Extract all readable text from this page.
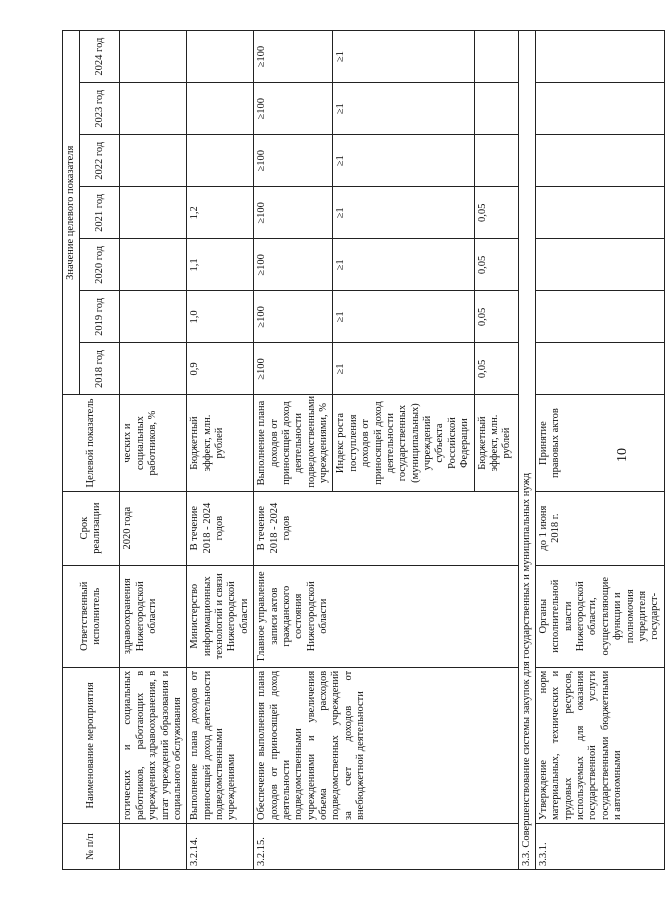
10
№ п/п	Наименование мероприятия	Ответственный исполнитель	Срок реализации	Целевой показатель	Значение целевого показателя						
					2018 год	2019 год	2020 год	2021 год	2022 год	2023 год	2024 год
	гогических и социальных работников, работающих в учреждениях здравоохранения, в штат учреждений образования и социального обслуживания	здравоохранения Нижегородской области	2020 года	ческих и социальных работников, %							
3.2.14.	Выполнение плана доходов от приносящей доход деятельности подведомственными учреждениями	Министерство информационных технологий и связи Нижегородской области	В течение 2018 - 2024 годов	Бюджетный эффект, млн. рублей	0,9	1,0	1,1	1,2			
3.2.15.	Обеспечение выполнения плана доходов от приносящей доход деятельности подведомственными учреждениями и увеличения объема расходов подведомственных учреждений за счет доходов от внебюджетной деятельности	Главное управление записи актов гражданского состояния Нижегородской области	В течение 2018 - 2024 годов	Выполнение плана доходов от приносящей доход деятельности подведомственными учреждениями, %	≥100	≥100	≥100	≥100	≥100	≥100	≥100
				Индекс роста поступления доходов от приносящей доход деятельности государственных (муниципальных) учреждений субъекта Российской Федерации	≥1	≥1	≥1	≥1	≥1	≥1	≥1
				Бюджетный эффект, млн. рублей	0,05	0,05	0,05	0,05			
3.3. Совершенствование системы закупок для государственных и муниципальных нужд											
3.3.1.	Утверждение норм материальных, технических и трудовых ресурсов, используемых для оказания государственной услуги государственными бюджетными и автономными	Органы исполнительной власти Нижегородской области, осуществляющие функции и полномочия учредителя государст-	до 1 июня 2018 г.	Принятие правовых актов							
